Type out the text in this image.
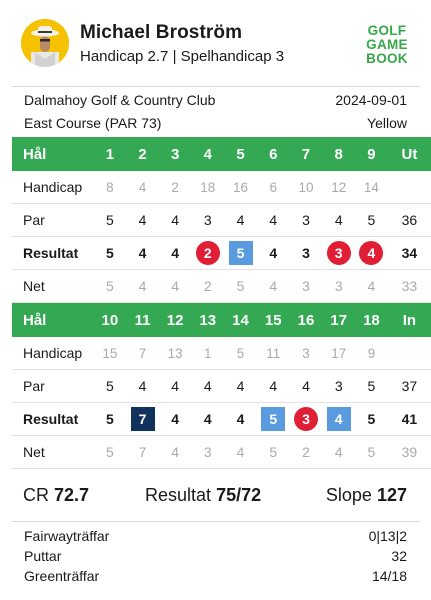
Michael Broström
Handicap 2.7 | Spelhandicap 3
GOLF
GAME
BOOK
Dalmahoy Golf & Country Club
East Course (PAR 73)
2024-09-01
Yellow
Hål	1	2	3	4	5	6	7	8	9	Ut
Handicap	8	4	2	18	16	6	10	12	14	
Par	5	4	4	3	4	4	3	4	5	36
Resultat	5	4	4	2	5	4	3	3	4	34
Net	5	4	4	2	5	4	3	3	4	33
Hål	10	11	12	13	14	15	16	17	18	In
Handicap	15	7	13	1	5	11	3	17	9	
Par	5	4	4	4	4	4	4	3	5	37
Resultat	5	7	4	4	4	5	3	4	5	41
Net	5	7	4	3	4	5	2	4	5	39
CR 72.7	Resultat 75/72	Slope 127
Fairwayträffar	0|13|2
Puttar	32
Greenträffar	14/18
